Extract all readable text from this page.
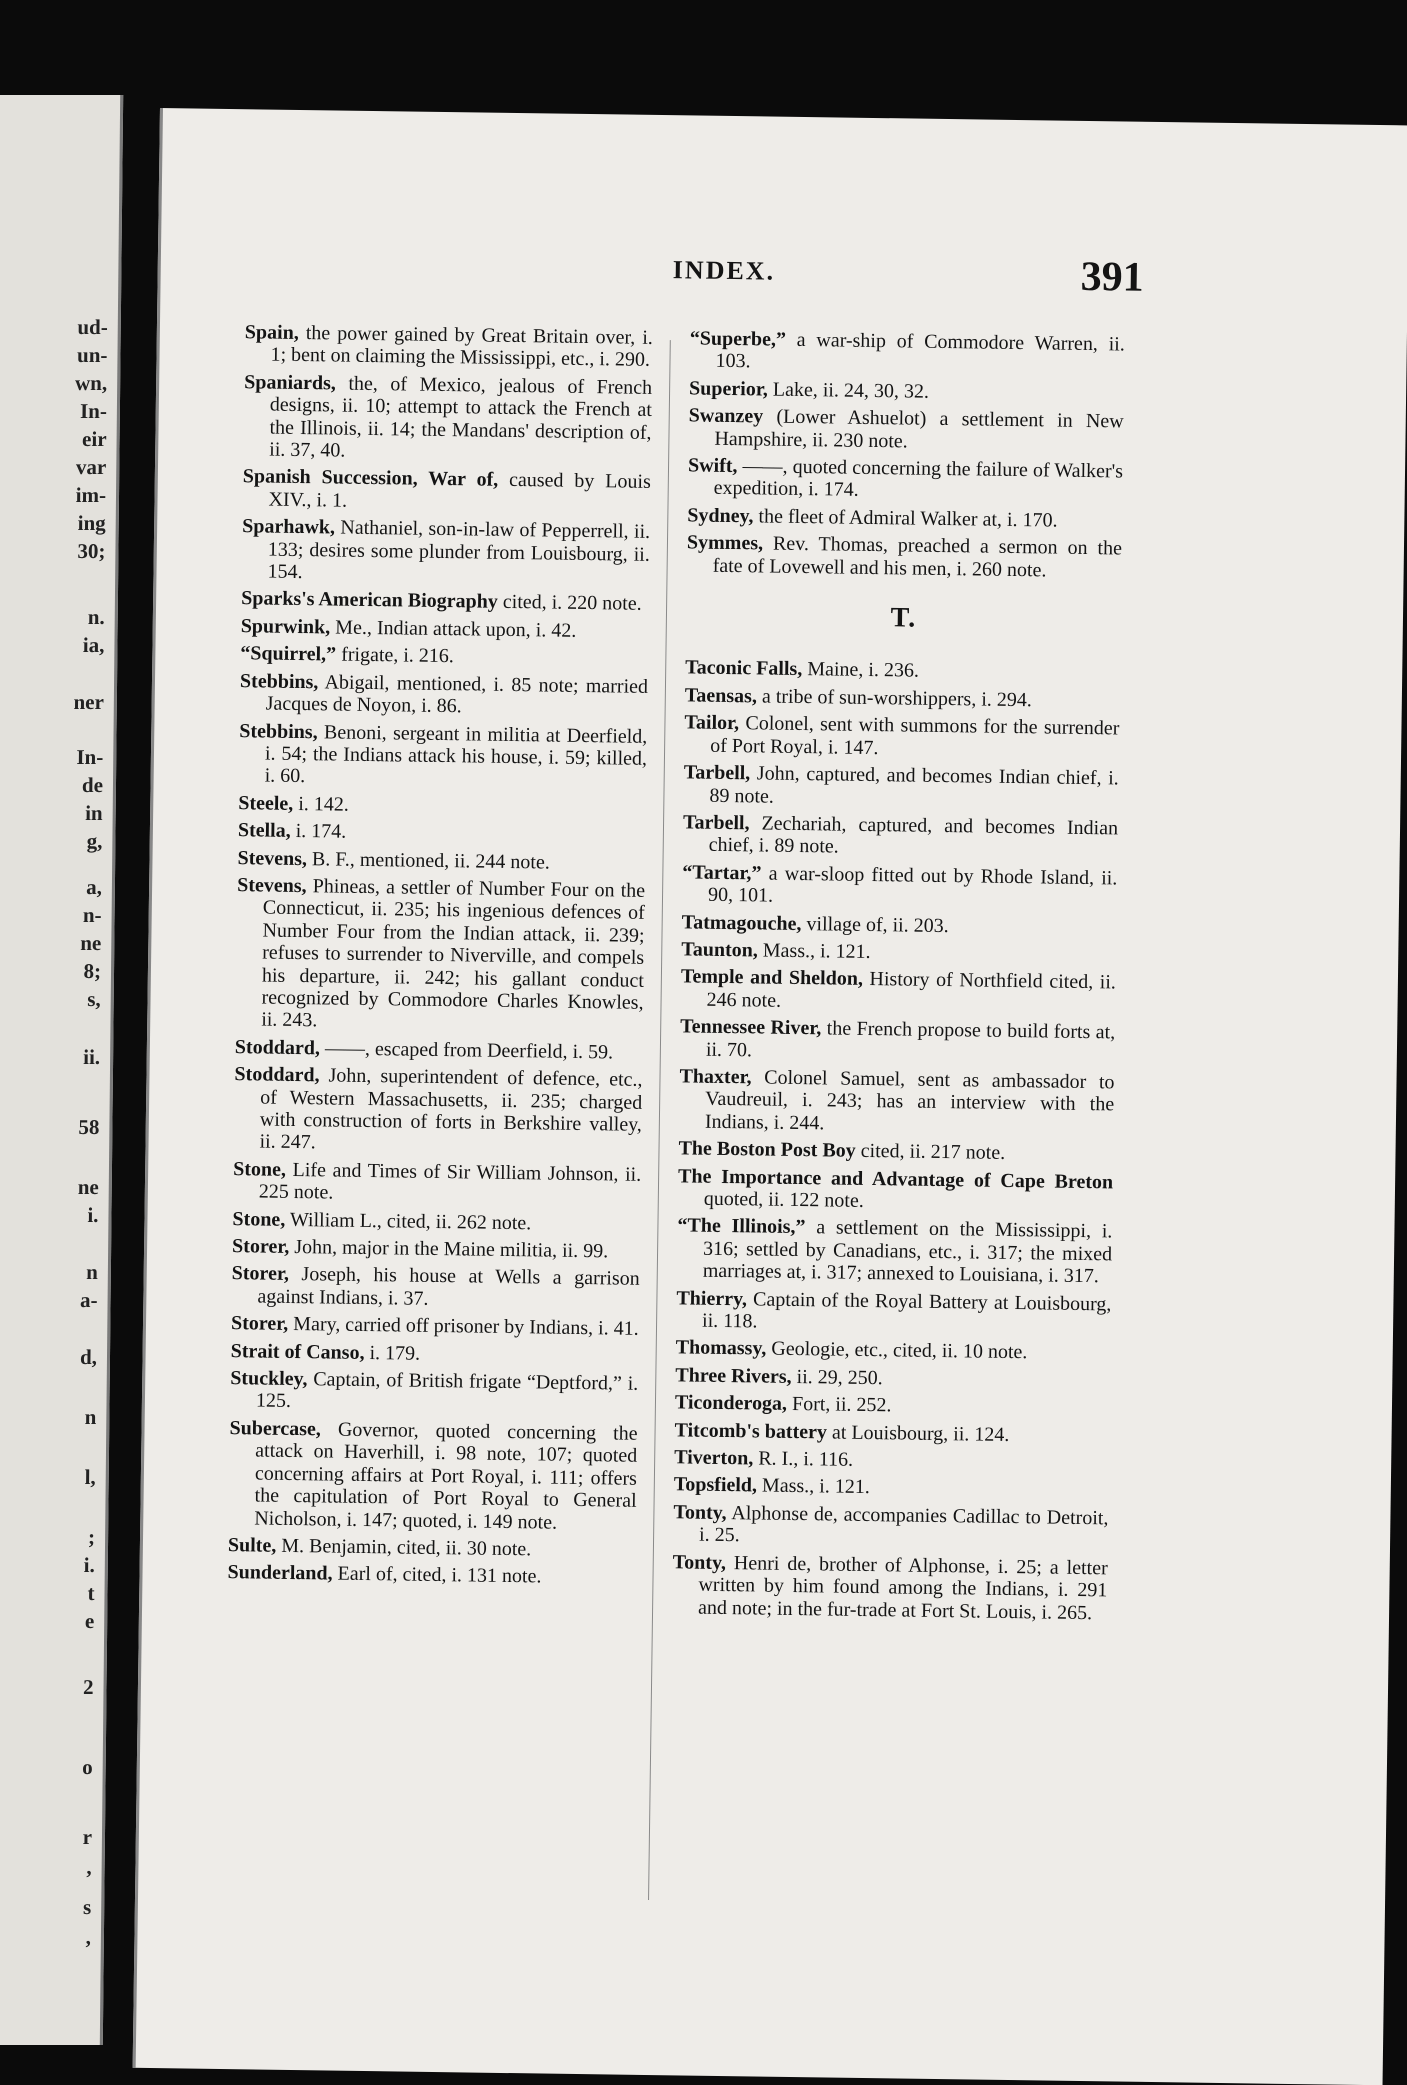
ud-
un-
wn,
In-
eir
var
im-
ing
30;
n.
ia,
ner
In-
de
in
g,
a,
n-
ne
8;
s,
ii.
58
ne
i.
n
a-
d,
n
l,
;
i.
t
e
2
o
r
,
s
,
INDEX.	391
Spain, the power gained by Great Britain over, i. 1; bent on claiming the Mississippi, etc., i. 290.
Spaniards, the, of Mexico, jealous of French designs, ii. 10; attempt to attack the French at the Illinois, ii. 14; the Mandans' description of, ii. 37, 40.
Spanish Succession, War of, caused by Louis XIV., i. 1.
Sparhawk, Nathaniel, son-in-law of Pepperrell, ii. 133; desires some plunder from Louisbourg, ii. 154.
Sparks's American Biography cited, i. 220 note.
Spurwink, Me., Indian attack upon, i. 42.
“Squirrel,” frigate, i. 216.
Stebbins, Abigail, mentioned, i. 85 note; married Jacques de Noyon, i. 86.
Stebbins, Benoni, sergeant in militia at Deerfield, i. 54; the Indians attack his house, i. 59; killed, i. 60.
Steele, i. 142.
Stella, i. 174.
Stevens, B. F., mentioned, ii. 244 note.
Stevens, Phineas, a settler of Number Four on the Connecticut, ii. 235; his ingenious defences of Number Four from the Indian attack, ii. 239; refuses to surrender to Niverville, and compels his departure, ii. 242; his gallant conduct recognized by Commodore Charles Knowles, ii. 243.
Stoddard, ——, escaped from Deerfield, i. 59.
Stoddard, John, superintendent of defence, etc., of Western Massachusetts, ii. 235; charged with construction of forts in Berkshire valley, ii. 247.
Stone, Life and Times of Sir William Johnson, ii. 225 note.
Stone, William L., cited, ii. 262 note.
Storer, John, major in the Maine militia, ii. 99.
Storer, Joseph, his house at Wells a garrison against Indians, i. 37.
Storer, Mary, carried off prisoner by Indians, i. 41.
Strait of Canso, i. 179.
Stuckley, Captain, of British frigate “Deptford,” i. 125.
Subercase, Governor, quoted concerning the attack on Haverhill, i. 98 note, 107; quoted concerning affairs at Port Royal, i. 111; offers the capitulation of Port Royal to General Nicholson, i. 147; quoted, i. 149 note.
Sulte, M. Benjamin, cited, ii. 30 note.
Sunderland, Earl of, cited, i. 131 note.
“Superbe,” a war-ship of Commodore Warren, ii. 103.
Superior, Lake, ii. 24, 30, 32.
Swanzey (Lower Ashuelot) a settlement in New Hampshire, ii. 230 note.
Swift, ——, quoted concerning the failure of Walker's expedition, i. 174.
Sydney, the fleet of Admiral Walker at, i. 170.
Symmes, Rev. Thomas, preached a sermon on the fate of Lovewell and his men, i. 260 note.
T.
Taconic Falls, Maine, i. 236.
Taensas, a tribe of sun-worshippers, i. 294.
Tailor, Colonel, sent with summons for the surrender of Port Royal, i. 147.
Tarbell, John, captured, and becomes Indian chief, i. 89 note.
Tarbell, Zechariah, captured, and becomes Indian chief, i. 89 note.
“Tartar,” a war-sloop fitted out by Rhode Island, ii. 90, 101.
Tatmagouche, village of, ii. 203.
Taunton, Mass., i. 121.
Temple and Sheldon, History of Northfield cited, ii. 246 note.
Tennessee River, the French propose to build forts at, ii. 70.
Thaxter, Colonel Samuel, sent as ambassador to Vaudreuil, i. 243; has an interview with the Indians, i. 244.
The Boston Post Boy cited, ii. 217 note.
The Importance and Advantage of Cape Breton quoted, ii. 122 note.
“The Illinois,” a settlement on the Mississippi, i. 316; settled by Canadians, etc., i. 317; the mixed marriages at, i. 317; annexed to Louisiana, i. 317.
Thierry, Captain of the Royal Battery at Louisbourg, ii. 118.
Thomassy, Geologie, etc., cited, ii. 10 note.
Three Rivers, ii. 29, 250.
Ticonderoga, Fort, ii. 252.
Titcomb's battery at Louisbourg, ii. 124.
Tiverton, R. I., i. 116.
Topsfield, Mass., i. 121.
Tonty, Alphonse de, accompanies Cadillac to Detroit, i. 25.
Tonty, Henri de, brother of Alphonse, i. 25; a letter written by him found among the Indians, i. 291 and note; in the fur-trade at Fort St. Louis, i. 265.
